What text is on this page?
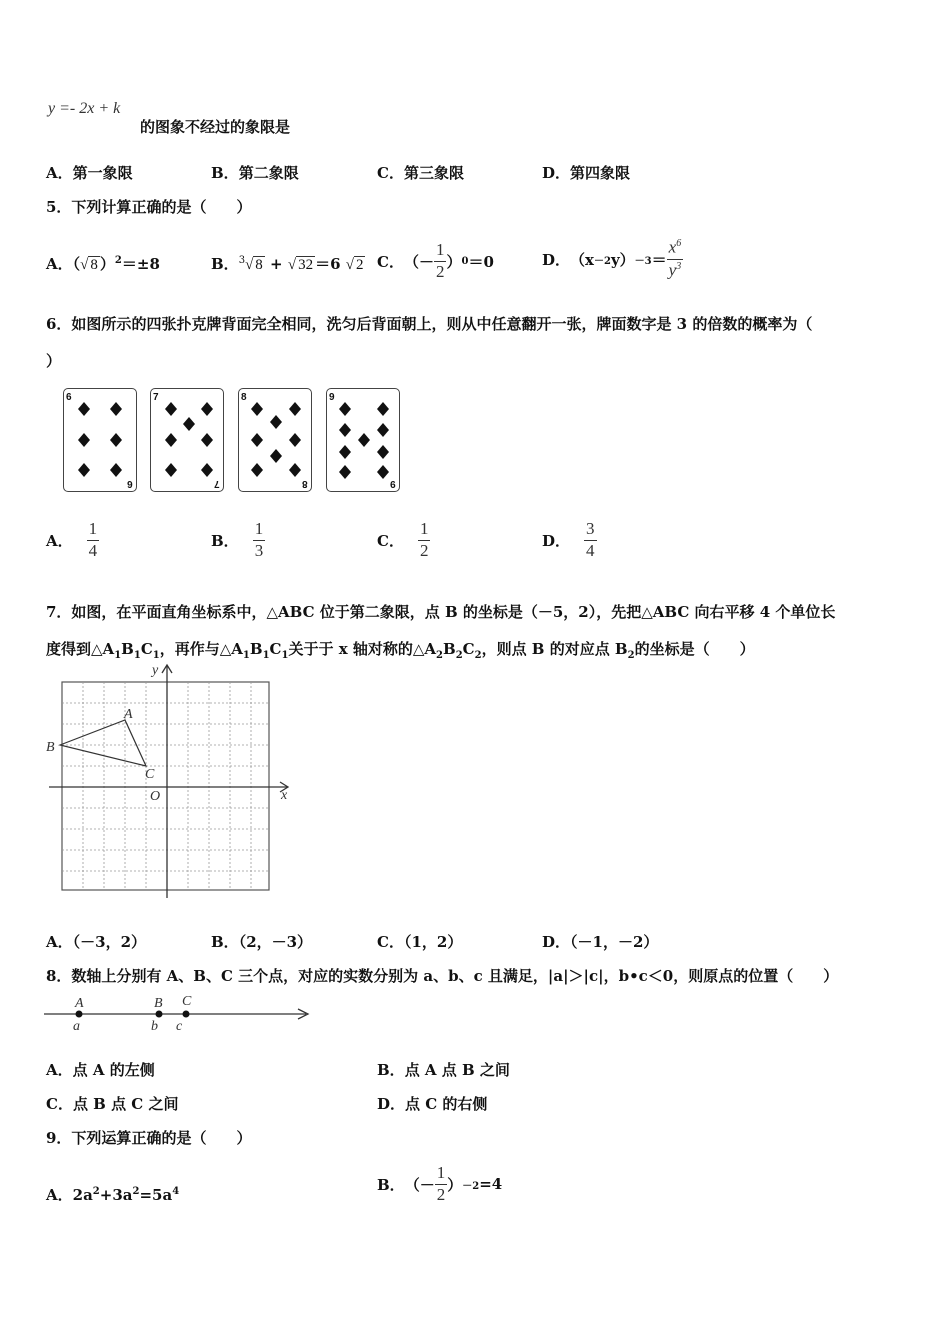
y =- 2x + k
的图象不经过的象限是
A．第一象限	B．第二象限	C．第三象限	D．第四象限
5．下列计算正确的是（　　）
A．（√ 8 ）$^2$＝±8	B．$^3$√ 8 + √ 32 ＝6 √ 2 C． （－ $\frac{1}{2}$ ） 0 ＝0	D． （x －2 $y) -3 = \frac{x^6}{y^3}$
6．如图所示的四张扑克牌背面完全相同，洗匀后背面朝上，则从中任意翻开一张，牌面数字是 3 的倍数的概率为（
）
6
6
7
7
8
8
9
9
A． $\frac{1}{4}$	B． $\frac{1}{3}$	C． $\frac{1}{2}$	D． $\frac{3}{4}$
7．如图，在平面直角坐标系中，△ABC 位于第二象限，点 B 的坐标是（－5，2），先把△ABC 向右平移 4 个单位长
度得到$\triangle A_1B_1C_1$，再作与$\triangle A_1B_1C_1$关于于 x 轴对称的$\triangle A_2B_2C_2$，则点 B 的对应点 $B_2$的坐标是（　　）
y
x
A
B
C
O
A．（－3，2）	B．（2，－3）	C．（1，2）	D．（－1，－2）
8．数轴上分别有 A、B、C 三个点，对应的实数分别为 a、b、c 且满足，|a|＞|c|，b•c＜0，则原点的位置（　　）
A
a
B
b
C
c
A．点 A 的左侧	B．点 A 点 B 之间
C．点 B 点 C 之间	D．点 C 的右侧
9．下列运算正确的是（　　）
A．$2a^2+3a^2=5a^4$	B． （－ $\frac{1}{2}$ ） －2 =4
